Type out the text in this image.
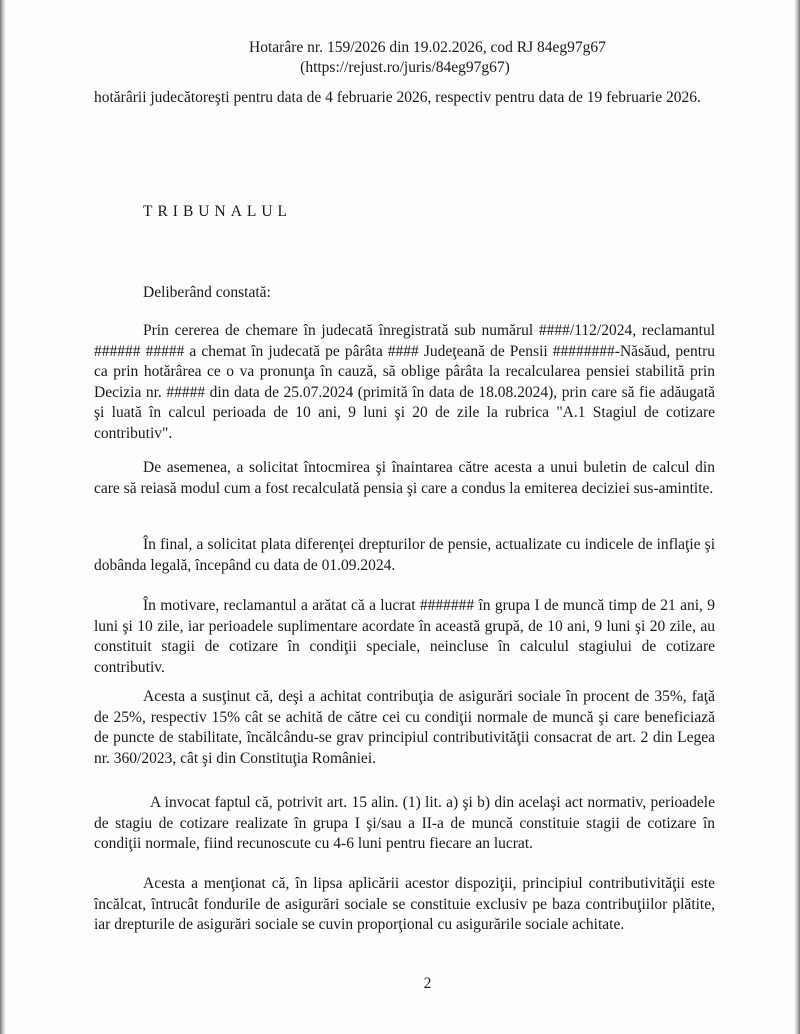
Hotarâre nr. 159/2026 din 19.02.2026, cod RJ 84eg97g67
(https://rejust.ro/juris/84eg97g67)
hotărârii judecătoreşti pentru data de 4 februarie 2026, respectiv pentru data de 19 februarie 2026.
TRIBUNALUL
Deliberând constată:

Prin cererea de chemare în judecată înregistrată sub numărul ####/112/2024, reclamantul ###### ##### a chemat în judecată pe pârâta #### Judeţeană de Pensii ########-Năsăud, pentru ca prin hotărârea ce o va pronunţa în cauză, să oblige pârâta la recalcularea pensiei stabilită prin Decizia nr. ##### din data de 25.07.2024 (primită în data de 18.08.2024), prin care să fie adăugată şi luată în calcul perioada de 10 ani, 9 luni şi 20 de zile la rubrica "A.1 Stagiul de cotizare contributiv".

De asemenea, a solicitat întocmirea şi înaintarea către acesta a unui buletin de calcul din care să reiasă modul cum a fost recalculată pensia şi care a condus la emiterea deciziei sus-amintite.

În final, a solicitat plata diferenţei drepturilor de pensie, actualizate cu indicele de inflaţie şi dobânda legală, începând cu data de 01.09.2024.

În motivare, reclamantul a arătat că a lucrat ####### în grupa I de muncă timp de 21 ani, 9 luni şi 10 zile, iar perioadele suplimentare acordate în această grupă, de 10 ani, 9 luni şi 20 zile, au constituit stagii de cotizare în condiţii speciale, neincluse în calculul stagiului de cotizare contributiv.

Acesta a susţinut că, deşi a achitat contribuţia de asigurări sociale în procent de 35%, faţă de 25%, respectiv 15% cât se achită de către cei cu condiţii normale de muncă şi care beneficiază de puncte de stabilitate, încălcându-se grav principiul contributivităţii consacrat de art. 2 din Legea nr. 360/2023, cât şi din Constituţia României.

A invocat faptul că, potrivit art. 15 alin. (1) lit. a) şi b) din acelaşi act normativ, perioadele de stagiu de cotizare realizate în grupa I şi/sau a II-a de muncă constituie stagii de cotizare în condiţii normale, fiind recunoscute cu 4-6 luni pentru fiecare an lucrat.

Acesta a menţionat că, în lipsa aplicării acestor dispoziţii, principiul contributivităţii este încălcat, întrucât fondurile de asigurări sociale se constituie exclusiv pe baza contribuţiilor plătite, iar drepturile de asigurări sociale se cuvin proporţional cu asigurările sociale achitate.

2
